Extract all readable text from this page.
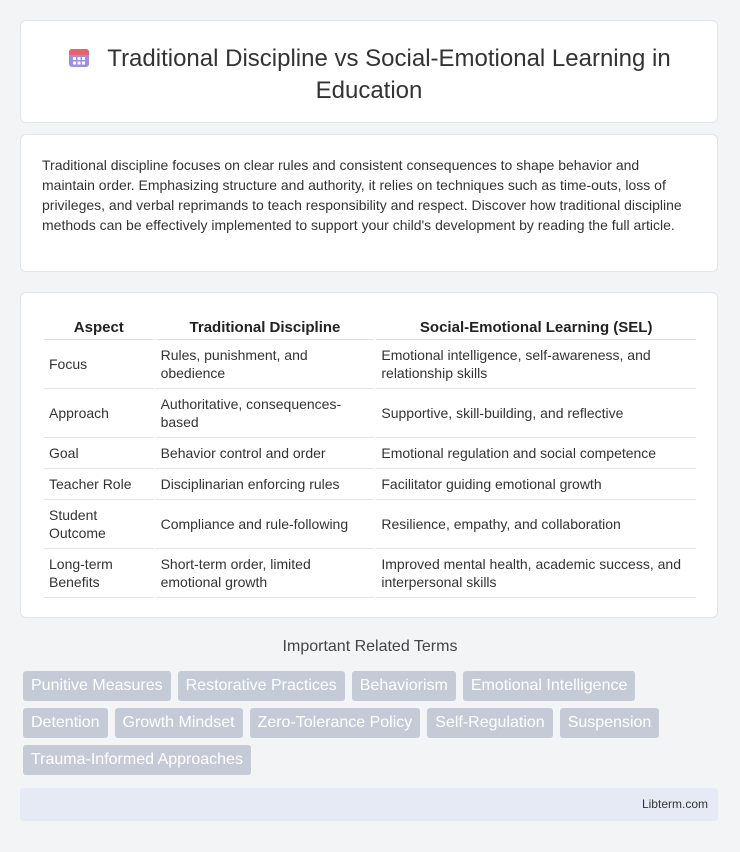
Traditional Discipline vs Social-Emotional Learning in
Education

Traditional discipline focuses on clear rules and consistent consequences to shape behavior and maintain order. Emphasizing structure and authority, it relies on techniques such as time-outs, loss of privileges, and verbal reprimands to teach responsibility and respect. Discover how traditional discipline methods can be effectively implemented to support your child's development by reading the full article.

Aspect	Traditional Discipline	Social-Emotional Learning (SEL)
Focus	Rules, punishment, and obedience	Emotional intelligence, self-awareness, and relationship skills
Approach	Authoritative, consequences-based	Supportive, skill-building, and reflective
Goal	Behavior control and order	Emotional regulation and social competence
Teacher Role	Disciplinarian enforcing rules	Facilitator guiding emotional growth
Student Outcome	Compliance and rule-following	Resilience, empathy, and collaboration
Long-term Benefits	Short-term order, limited emotional growth	Improved mental health, academic success, and interpersonal skills
Important Related Terms
Punitive Measures	Restorative Practices	Behaviorism	Emotional Intelligence
Detention	Growth Mindset	Zero-Tolerance Policy	Self-Regulation	Suspension
Trauma-Informed Approaches
Libterm.com
